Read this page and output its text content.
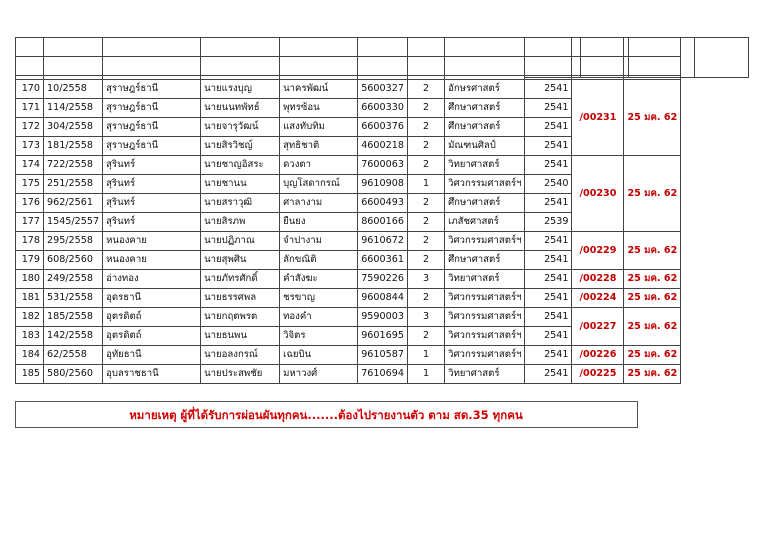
170	10/2558	สุราษฎร์ธานี	นายแรงบุญ	นาครพัฒน์	5600327	2	อักษรศาสตร์	2541	/00231	25 มค. 62
171	114/2558	สุราษฎร์ธานี	นายนนทพัทธ์	พุทรซ้อน	6600330	2	ศึกษาศาสตร์	2541		
172	304/2558	สุราษฎร์ธานี	นายจารุวัฒน์	แสงทับทิม	6600376	2	ศึกษาศาสตร์	2541		
173	181/2558	สุราษฎร์ธานี	นายสิรวิชญ์	สุทธิชาติ	4600218	2	มัณฑนศิลป์	2541		
174	722/2558	สุรินทร์	นายชาญอิสระ	ดวงตา	7600063	2	วิทยาศาสตร์	2541	/00230	25 มค. 62
175	251/2558	สุรินทร์	นายชานน	บุญโสดากรณ์	9610908	1	วิศวกรรมศาสตร์ฯ	2540		
176	962/2561	สุรินทร์	นายสราวุฒิ	ศาลางาม	6600493	2	ศึกษาศาสตร์	2541		
177	1545/2557	สุรินทร์	นายสิรภพ	ยืนยง	8600166	2	เภสัชศาสตร์	2539		
178	295/2558	หนองคาย	นายปฏิภาณ	จำปางาม	9610672	2	วิศวกรรมศาสตร์ฯ	2541	/00229	25 มค. 62
179	608/2560	หนองคาย	นายสุพศิน	ลักขณิติ	6600361	2	ศึกษาศาสตร์	2541		
180	249/2558	อ่างทอง	นายภัทรศักดิ์	คำสังฆะ	7590226	3	วิทยาศาสตร์	2541	/00228	25 มค. 62
181	531/2558	อุดรธานี	นายธรรศพล	ชรขาญ	9600844	2	วิศวกรรมศาสตร์ฯ	2541	/00224	25 มค. 62
182	185/2558	อุตรดิตถ์	นายกฤตพรต	ทองคำ	9590003	3	วิศวกรรมศาสตร์ฯ	2541	/00227	25 มค. 62
183	142/2558	อุตรดิตถ์	นายธนพน	วิจิตร	9601695	2	วิศวกรรมศาสตร์ฯ	2541		
184	62/2558	อุทัยธานี	นายอลงกรณ์	เฉยบิน	9610587	1	วิศวกรรมศาสตร์ฯ	2541	/00226	25 มค. 62
185	580/2560	อุบลราชธานี	นายประสพชัย	มหาวงศ์	7610694	1	วิทยาศาสตร์	2541	/00225	25 มค. 62

หมายเหตุ ผู้ที่ได้รับการผ่อนผันทุกคน.......ต้องไปรายงานตัว ตาม สด.35 ทุกคน
